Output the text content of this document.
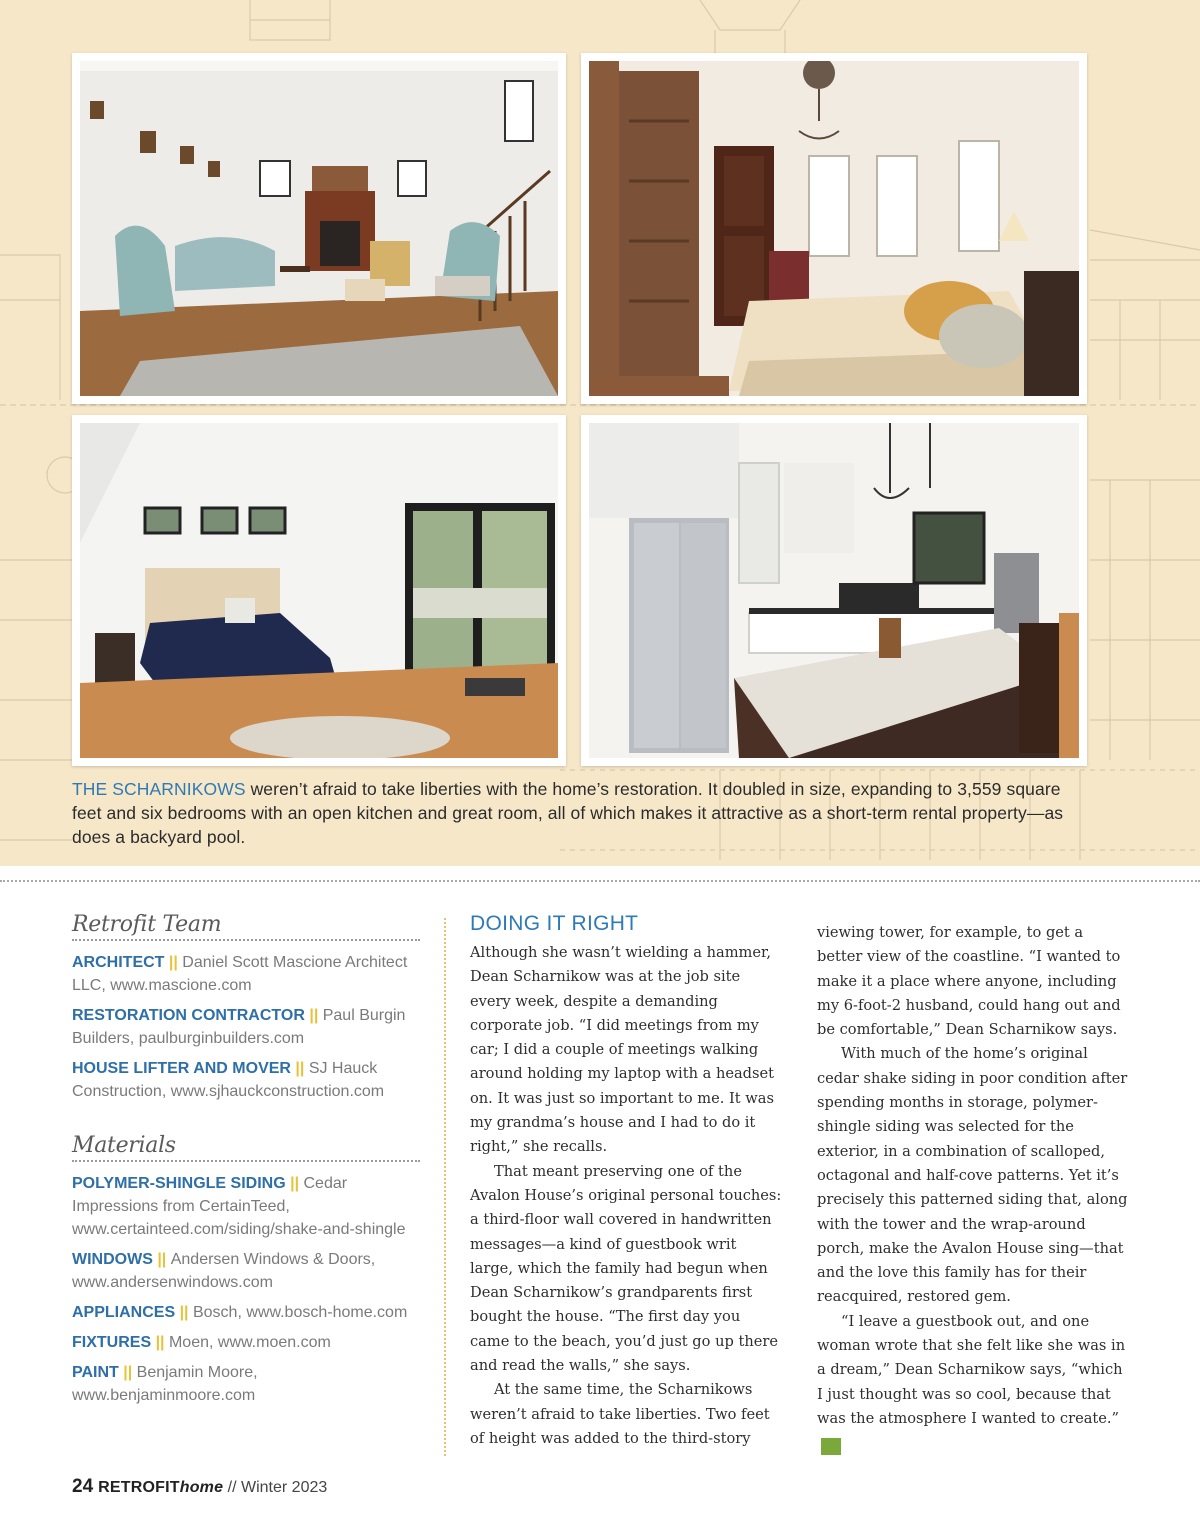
THE SCHARNIKOWS weren’t afraid to take liberties with the home’s restoration. It doubled in size, expanding to 3,559 square feet and six bedrooms with an open kitchen and great room, all of which makes it attractive as a short-term rental property—as does a backyard pool.

Retrofit Team

ARCHITECT || Daniel Scott Mascione Architect LLC, www.mascione.com

RESTORATION CONTRACTOR || Paul Burgin Builders, paulburginbuilders.com

HOUSE LIFTER AND MOVER || SJ Hauck Construction, www.sjhauckconstruction.com

Materials

POLYMER-SHINGLE SIDING || Cedar Impressions from CertainTeed, www.certainteed.com/siding/shake-and-shingle

WINDOWS || Andersen Windows & Doors, www.andersenwindows.com

APPLIANCES || Bosch, www.bosch-home.com

FIXTURES || Moen, www.moen.com

PAINT || Benjamin Moore, www.benjaminmoore.com

DOING IT RIGHT

Although she wasn’t wielding a hammer, Dean Scharnikow was at the job site every week, despite a demanding corporate job. “I did meetings from my car; I did a couple of meetings walking around holding my laptop with a headset on. It was just so important to me. It was my grandma’s house and I had to do it right,” she recalls.

That meant preserving one of the Avalon House’s original personal touches: a third-floor wall covered in handwritten messages—a kind of guestbook writ large, which the family had begun when Dean Scharnikow’s grandparents first bought the house. “The first day you came to the beach, you’d just go up there and read the walls,” she says.

At the same time, the Scharnikows weren’t afraid to take liberties. Two feet of height was added to the third-story

viewing tower, for example, to get a better view of the coastline. “I wanted to make it a place where anyone, including my 6-foot-2 husband, could hang out and be comfortable,” Dean Scharnikow says.

With much of the home’s original cedar shake siding in poor condition after spending months in storage, polymer-shingle siding was selected for the exterior, in a combination of scalloped, octagonal and half-cove patterns. Yet it’s precisely this patterned siding that, along with the tower and the wrap-around porch, make the Avalon House sing—that and the love this family has for their reacquired, restored gem.

“I leave a guestbook out, and one woman wrote that she felt like she was in a dream,” Dean Scharnikow says, “which I just thought was so cool, because that was the atmosphere I wanted to create.”TH

24 RETROFIThome // Winter 2023
